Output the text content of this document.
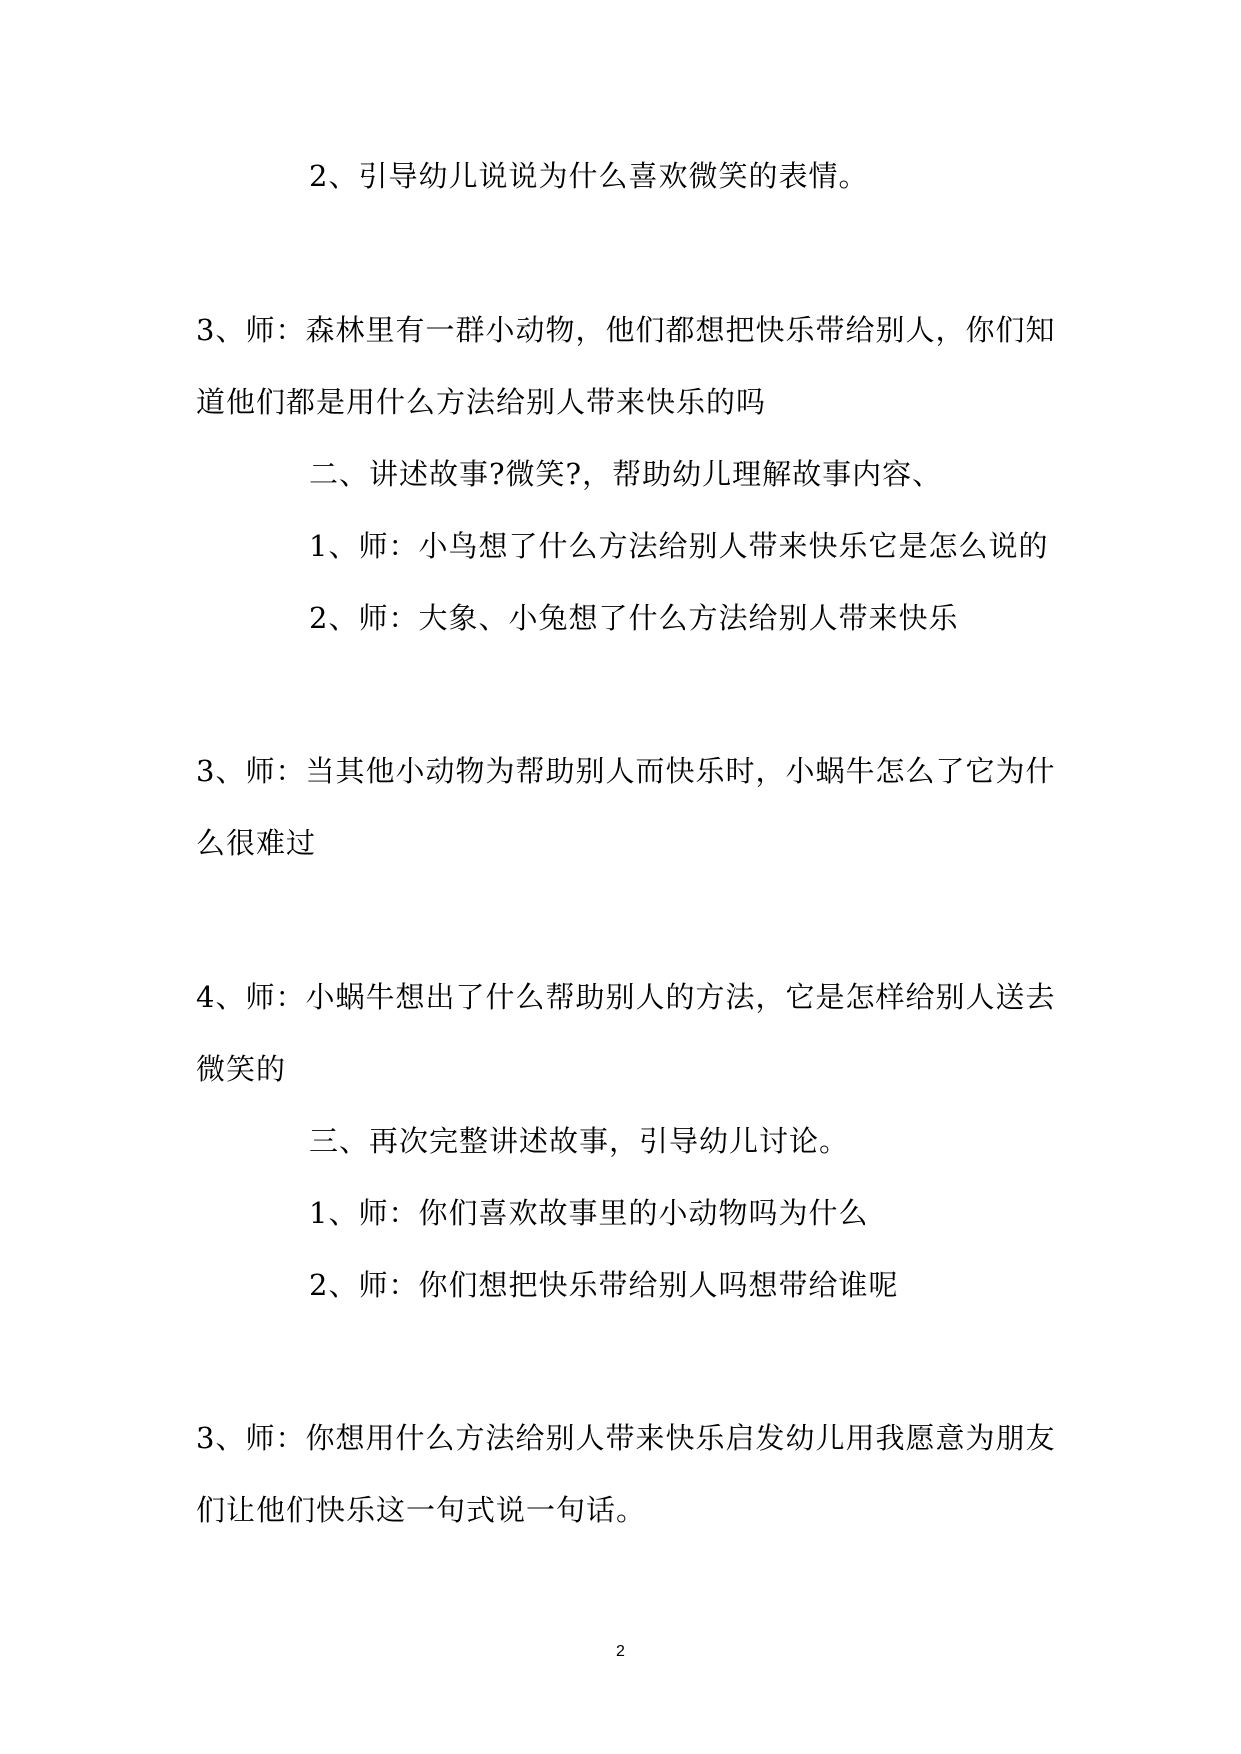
2、引导幼儿说说为什么喜欢微笑的表情。
3、师：森林里有一群小动物，他们都想把快乐带给别人，你们知
道他们都是用什么方法给别人带来快乐的吗
二、讲述故事?微笑?，帮助幼儿理解故事内容、
1、师：小鸟想了什么方法给别人带来快乐它是怎么说的
2、师：大象、小兔想了什么方法给别人带来快乐
3、师：当其他小动物为帮助别人而快乐时，小蜗牛怎么了它为什
么很难过
4、师：小蜗牛想出了什么帮助别人的方法，它是怎样给别人送去
微笑的
三、再次完整讲述故事，引导幼儿讨论。
1、师：你们喜欢故事里的小动物吗为什么
2、师：你们想把快乐带给别人吗想带给谁呢
3、师：你想用什么方法给别人带来快乐启发幼儿用我愿意为朋友
们让他们快乐这一句式说一句话。
2
